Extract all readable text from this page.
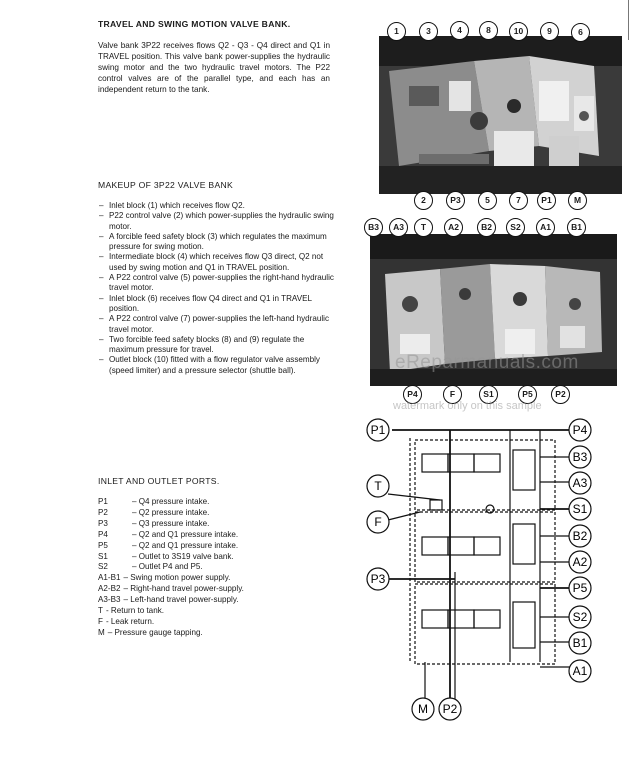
TRAVEL AND SWING MOTION VALVE BANK.
Valve bank 3P22 receives flows Q2 - Q3 - Q4 direct and Q1 in TRAVEL position. This valve bank power-supplies the hydraulic swing motor and the two hydraulic travel motors. The P22 control valves are of the parallel type, and each has an independent return to the tank.
MAKEUP OF 3P22 VALVE BANK
– Inlet block (1) which receives flow Q2.
– P22 control valve (2) which power-supplies the hydraulic swing motor.
– A forcible feed safety block (3) which regulates the maximum pressure for swing motion.
– Intermediate block (4) which receives flow Q3 direct, Q2 not used by swing motion and Q1 in TRAVEL position.
– A P22 control valve (5) power-supplies the right-hand hydraulic travel motor.
– Inlet block (6) receives flow Q4 direct and Q1 in TRAVEL position.
– A P22 control valve (7) power-supplies the left-hand hydraulic travel motor.
– Two forcible feed safety blocks (8) and (9) regulate the maximum pressure for travel.
– Outlet block (10) fitted with a flow regulator valve assembly (speed limiter) and a pressure selector (shuttle ball).
INLET AND OUTLET PORTS.
P1	– Q4 pressure intake.
P2	– Q2 pressure intake.
P3	– Q3 pressure intake.
P4	– Q2 and Q1 pressure intake.
P5	– Q2 and Q1 pressure intake.
S1	– Outlet to 3S19 valve bank.
S2	– Outlet P4 and P5.
A1-B1 – Swing motion power supply.
A2-B2 – Right-hand travel power-supply.
A3-B3 – Left-hand travel power-supply.
T - Return to tank.
F - Leak return.
M – Pressure gauge tapping.
1	3	4	8	10	9	6
2	P3	5	7	P1	M
B3	A3	T	A2	B2	S2	A1	B1
P4	F	S1	P5	P2
eReparmanuals.com
watermark only on this sample
P1
T
F
P3
M P2
P4
B3
A3
S1
B2
A2
P5
S2
B1
A1
